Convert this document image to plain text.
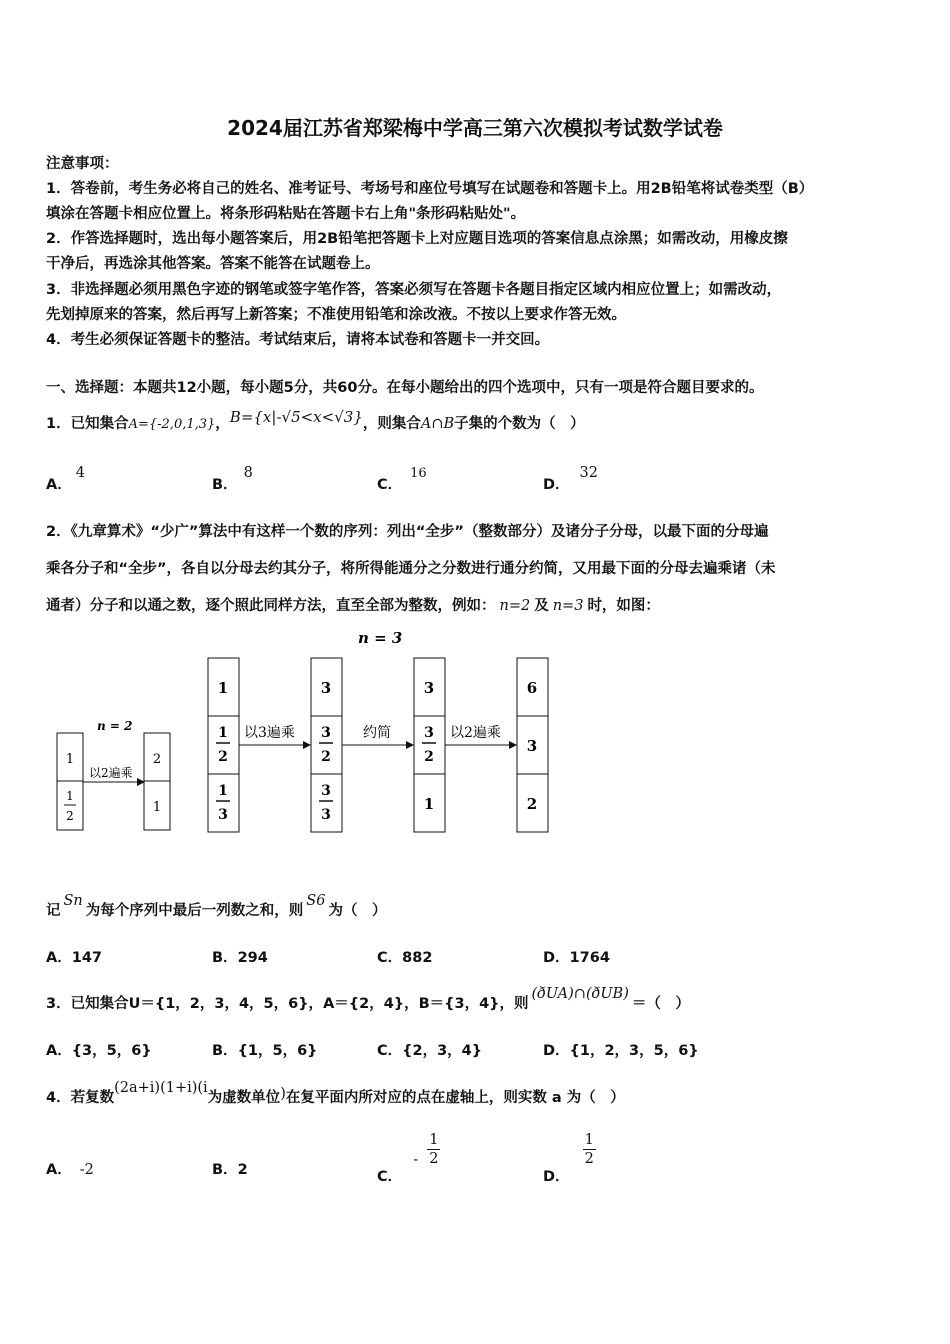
2024届江苏省郑梁梅中学高三第六次模拟考试数学试卷
注意事项：
1．答卷前，考生务必将自己的姓名、准考证号、考场号和座位号填写在试题卷和答题卡上。用2B铅笔将试卷类型（B）
填涂在答题卡相应位置上。将条形码粘贴在答题卡右上角"条形码粘贴处"。
2．作答选择题时，选出每小题答案后，用2B铅笔把答题卡上对应题目选项的答案信息点涂黑；如需改动，用橡皮擦
干净后，再选涂其他答案。答案不能答在试题卷上。
3．非选择题必须用黑色字迹的钢笔或签字笔作答，答案必须写在答题卡各题目指定区域内相应位置上；如需改动，
先划掉原来的答案，然后再写上新答案；不准使用铅笔和涂改液。不按以上要求作答无效。
4．考生必须保证答题卡的整洁。考试结束后，请将本试卷和答题卡一并交回。
一、选择题：本题共12小题，每小题5分，共60分。在每小题给出的四个选项中，只有一项是符合题目要求的。
1．已知集合A={-2,0,1,3}，B={x|-√5<x<√3}，则集合A∩B子集的个数为（　）
A．4
B．8
C．16
D．32
2．《九章算术》“少广”算法中有这样一个数的序列：列出“全步”（整数部分）及诸分子分母，以最下面的分母遍
乘各分子和“全步”，各自以分母去约其分子，将所得能通分之分数进行通分约简，又用最下面的分母去遍乘诸（未
通者）分子和以通之数，逐个照此同样方法，直至全部为整数，例如： n=2 及 n=3 时，如图：
n = 3
n = 2
1
1
2
以2遍乘
2
1
1
1
2
1
3
以3遍乘
3
3
2
3
3
约简
3
3
2
1
以2遍乘
6
3
2
记Sn为每个序列中最后一列数之和，则S6为（　）
A．147	B．294	C．882	D．1764
3．已知集合U＝{1，2，3，4，5，6}，A＝{2，4}，B＝{3，4}，则(ðUA)∩(ðUB)＝（　）
A．{3，5，6}	B．{1，5，6}	C．{2，3，4}	D．{1，2，3，5，6}
4．若复数(2a+i)(1+i)(i为虚数单位)在复平面内所对应的点在虚轴上，则实数 a 为（　）
A． -2	B．2	C． - $\frac{1}{2}$
D．
$\frac{1}{2}$
